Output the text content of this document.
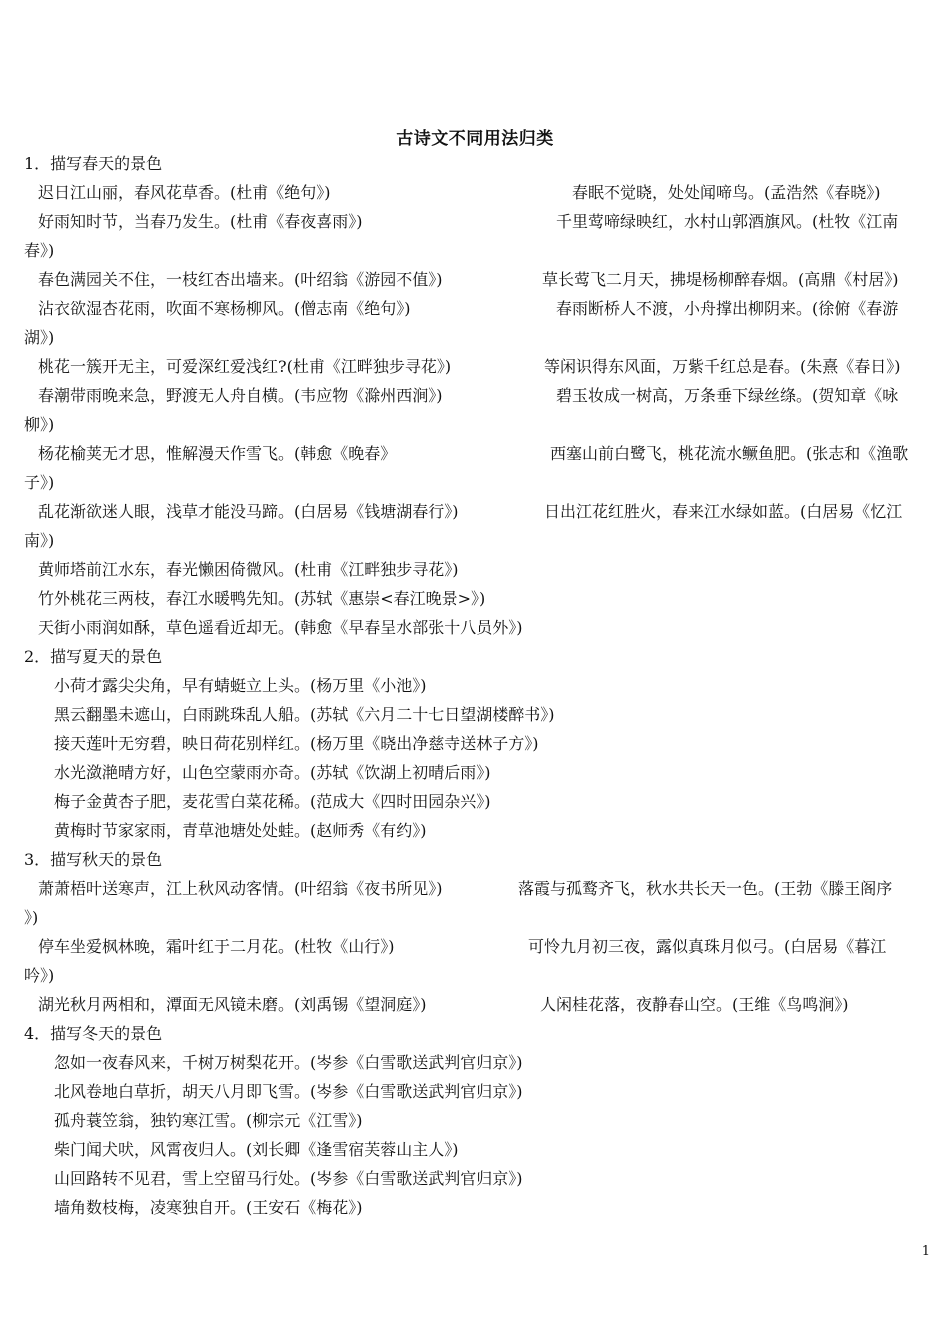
古诗文不同用法归类
1．描写春天的景色
迟日江山丽，春风花草香。(杜甫《绝句》)	春眠不觉晓，处处闻啼鸟。(孟浩然《春晓》)
好雨知时节，当春乃发生。(杜甫《春夜喜雨》)	千里莺啼绿映红，水村山郭酒旗风。(杜牧《江南
春》)
春色满园关不住，一枝红杏出墙来。(叶绍翁《游园不值》)	草长莺飞二月天，拂堤杨柳醉春烟。(高鼎《村居》)
沾衣欲湿杏花雨，吹面不寒杨柳风。(僧志南《绝句》)	春雨断桥人不渡，小舟撑出柳阴来。(徐俯《春游
湖》)
桃花一簇开无主，可爱深红爱浅红?(杜甫《江畔独步寻花》)	等闲识得东风面，万紫千红总是春。(朱熹《春日》)
春潮带雨晚来急，野渡无人舟自横。(韦应物《滁州西涧》)	碧玉妆成一树高，万条垂下绿丝绦。(贺知章《咏
柳》)
杨花榆荚无才思，惟解漫天作雪飞。(韩愈《晚春》	西塞山前白鹭飞，桃花流水鳜鱼肥。(张志和《渔歌
子》)
乱花渐欲迷人眼，浅草才能没马蹄。(白居易《钱塘湖春行》)	日出江花红胜火，春来江水绿如蓝。(白居易《忆江
南》)
黄师塔前江水东，春光懒困倚微风。(杜甫《江畔独步寻花》)
竹外桃花三两枝，春江水暖鸭先知。(苏轼《惠崇<春江晚景>》)
天街小雨润如酥，草色遥看近却无。(韩愈《早春呈水部张十八员外》)
2．描写夏天的景色
　小荷才露尖尖角，早有蜻蜓立上头。(杨万里《小池》)
　黑云翻墨未遮山，白雨跳珠乱人船。(苏轼《六月二十七日望湖楼醉书》)
　接天莲叶无穷碧，映日荷花别样红。(杨万里《晓出净慈寺送林子方》)
　水光潋滟晴方好，山色空蒙雨亦奇。(苏轼《饮湖上初晴后雨》)
　梅子金黄杏子肥，麦花雪白菜花稀。(范成大《四时田园杂兴》)
　黄梅时节家家雨，青草池塘处处蛙。(赵师秀《有约》)
3．描写秋天的景色
萧萧梧叶送寒声，江上秋风动客情。(叶绍翁《夜书所见》)	落霞与孤鹜齐飞，秋水共长天一色。(王勃《滕王阁序
》)
停车坐爱枫林晚，霜叶红于二月花。(杜牧《山行》)	可怜九月初三夜，露似真珠月似弓。(白居易《暮江
吟》)
湖光秋月两相和，潭面无风镜未磨。(刘禹锡《望洞庭》)	人闲桂花落，夜静春山空。(王维《鸟鸣涧》)
4．描写冬天的景色
　忽如一夜春风来，千树万树梨花开。(岑参《白雪歌送武判官归京》)
　北风卷地白草折，胡天八月即飞雪。(岑参《白雪歌送武判官归京》)
　孤舟蓑笠翁，独钓寒江雪。(柳宗元《江雪》)
　柴门闻犬吠，风霄夜归人。(刘长卿《逢雪宿芙蓉山主人》)
　山回路转不见君，雪上空留马行处。(岑参《白雪歌送武判官归京》)
　墙角数枝梅，凌寒独自开。(王安石《梅花》)
1
